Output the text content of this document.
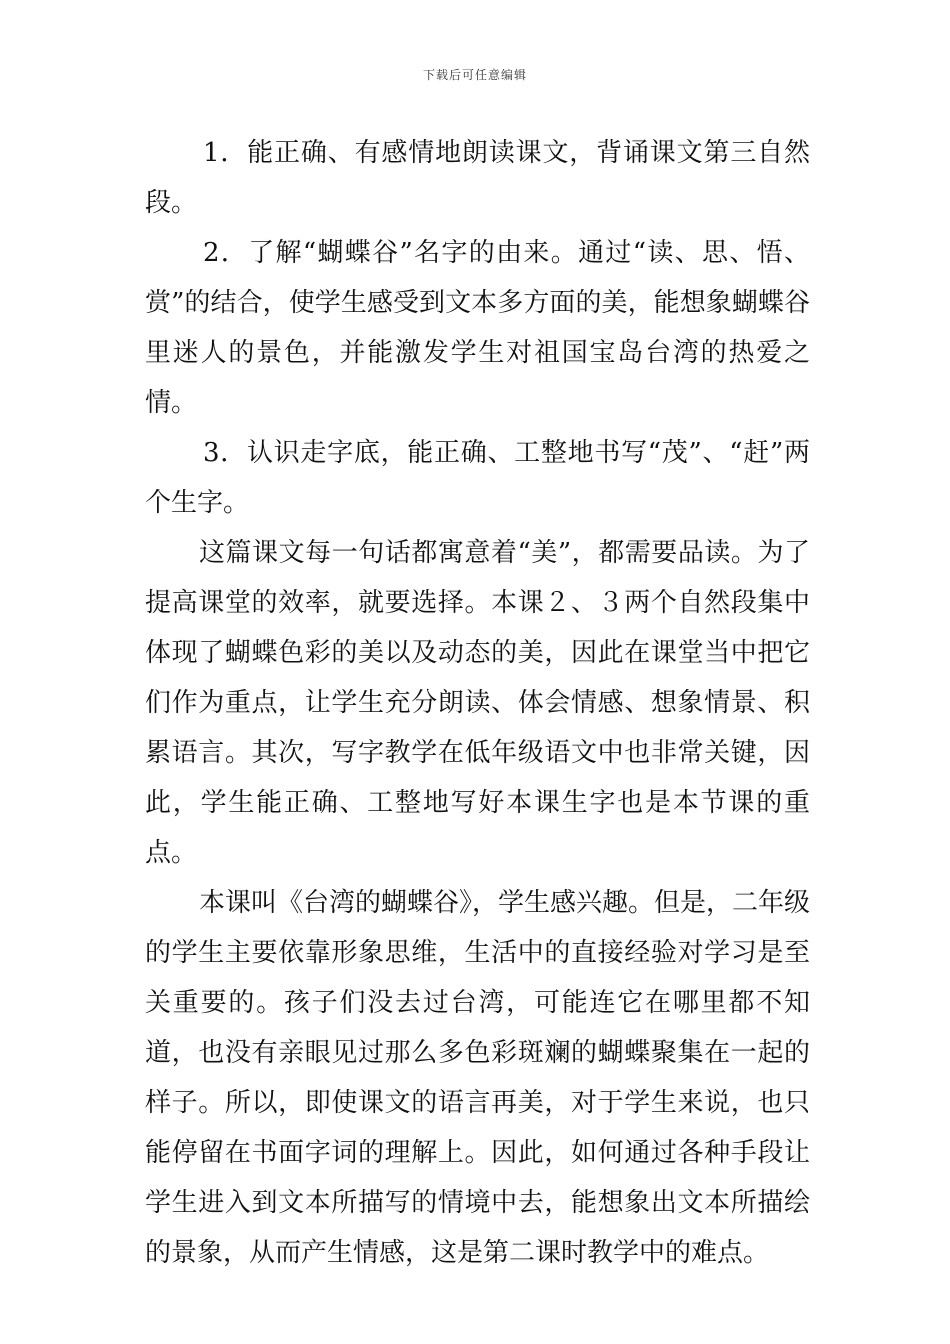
下载后可任意编辑

1．能正确、有感情地朗读课文，背诵课文第三自然段。

2．了解“蝴蝶谷”名字的由来。通过“读、思、悟、赏”的结合，使学生感受到文本多方面的美，能想象蝴蝶谷里迷人的景色，并能激发学生对祖国宝岛台湾的热爱之情。

3．认识走字底，能正确、工整地书写“茂”、“赶”两个生字。

这篇课文每一句话都寓意着“美”，都需要品读。为了提高课堂的效率，就要选择。本课２、３两个自然段集中体现了蝴蝶色彩的美以及动态的美，因此在课堂当中把它们作为重点，让学生充分朗读、体会情感、想象情景、积累语言。其次，写字教学在低年级语文中也非常关键，因此，学生能正确、工整地写好本课生字也是本节课的重点。

本课叫《台湾的蝴蝶谷》，学生感兴趣。但是，二年级的学生主要依靠形象思维，生活中的直接经验对学习是至关重要的。孩子们没去过台湾，可能连它在哪里都不知道，也没有亲眼见过那么多色彩斑斓的蝴蝶聚集在一起的样子。所以，即使课文的语言再美，对于学生来说，也只能停留在书面字词的理解上。因此，如何通过各种手段让学生进入到文本所描写的情境中去，能想象出文本所描绘的景象，从而产生情感，这是第二课时教学中的难点。
